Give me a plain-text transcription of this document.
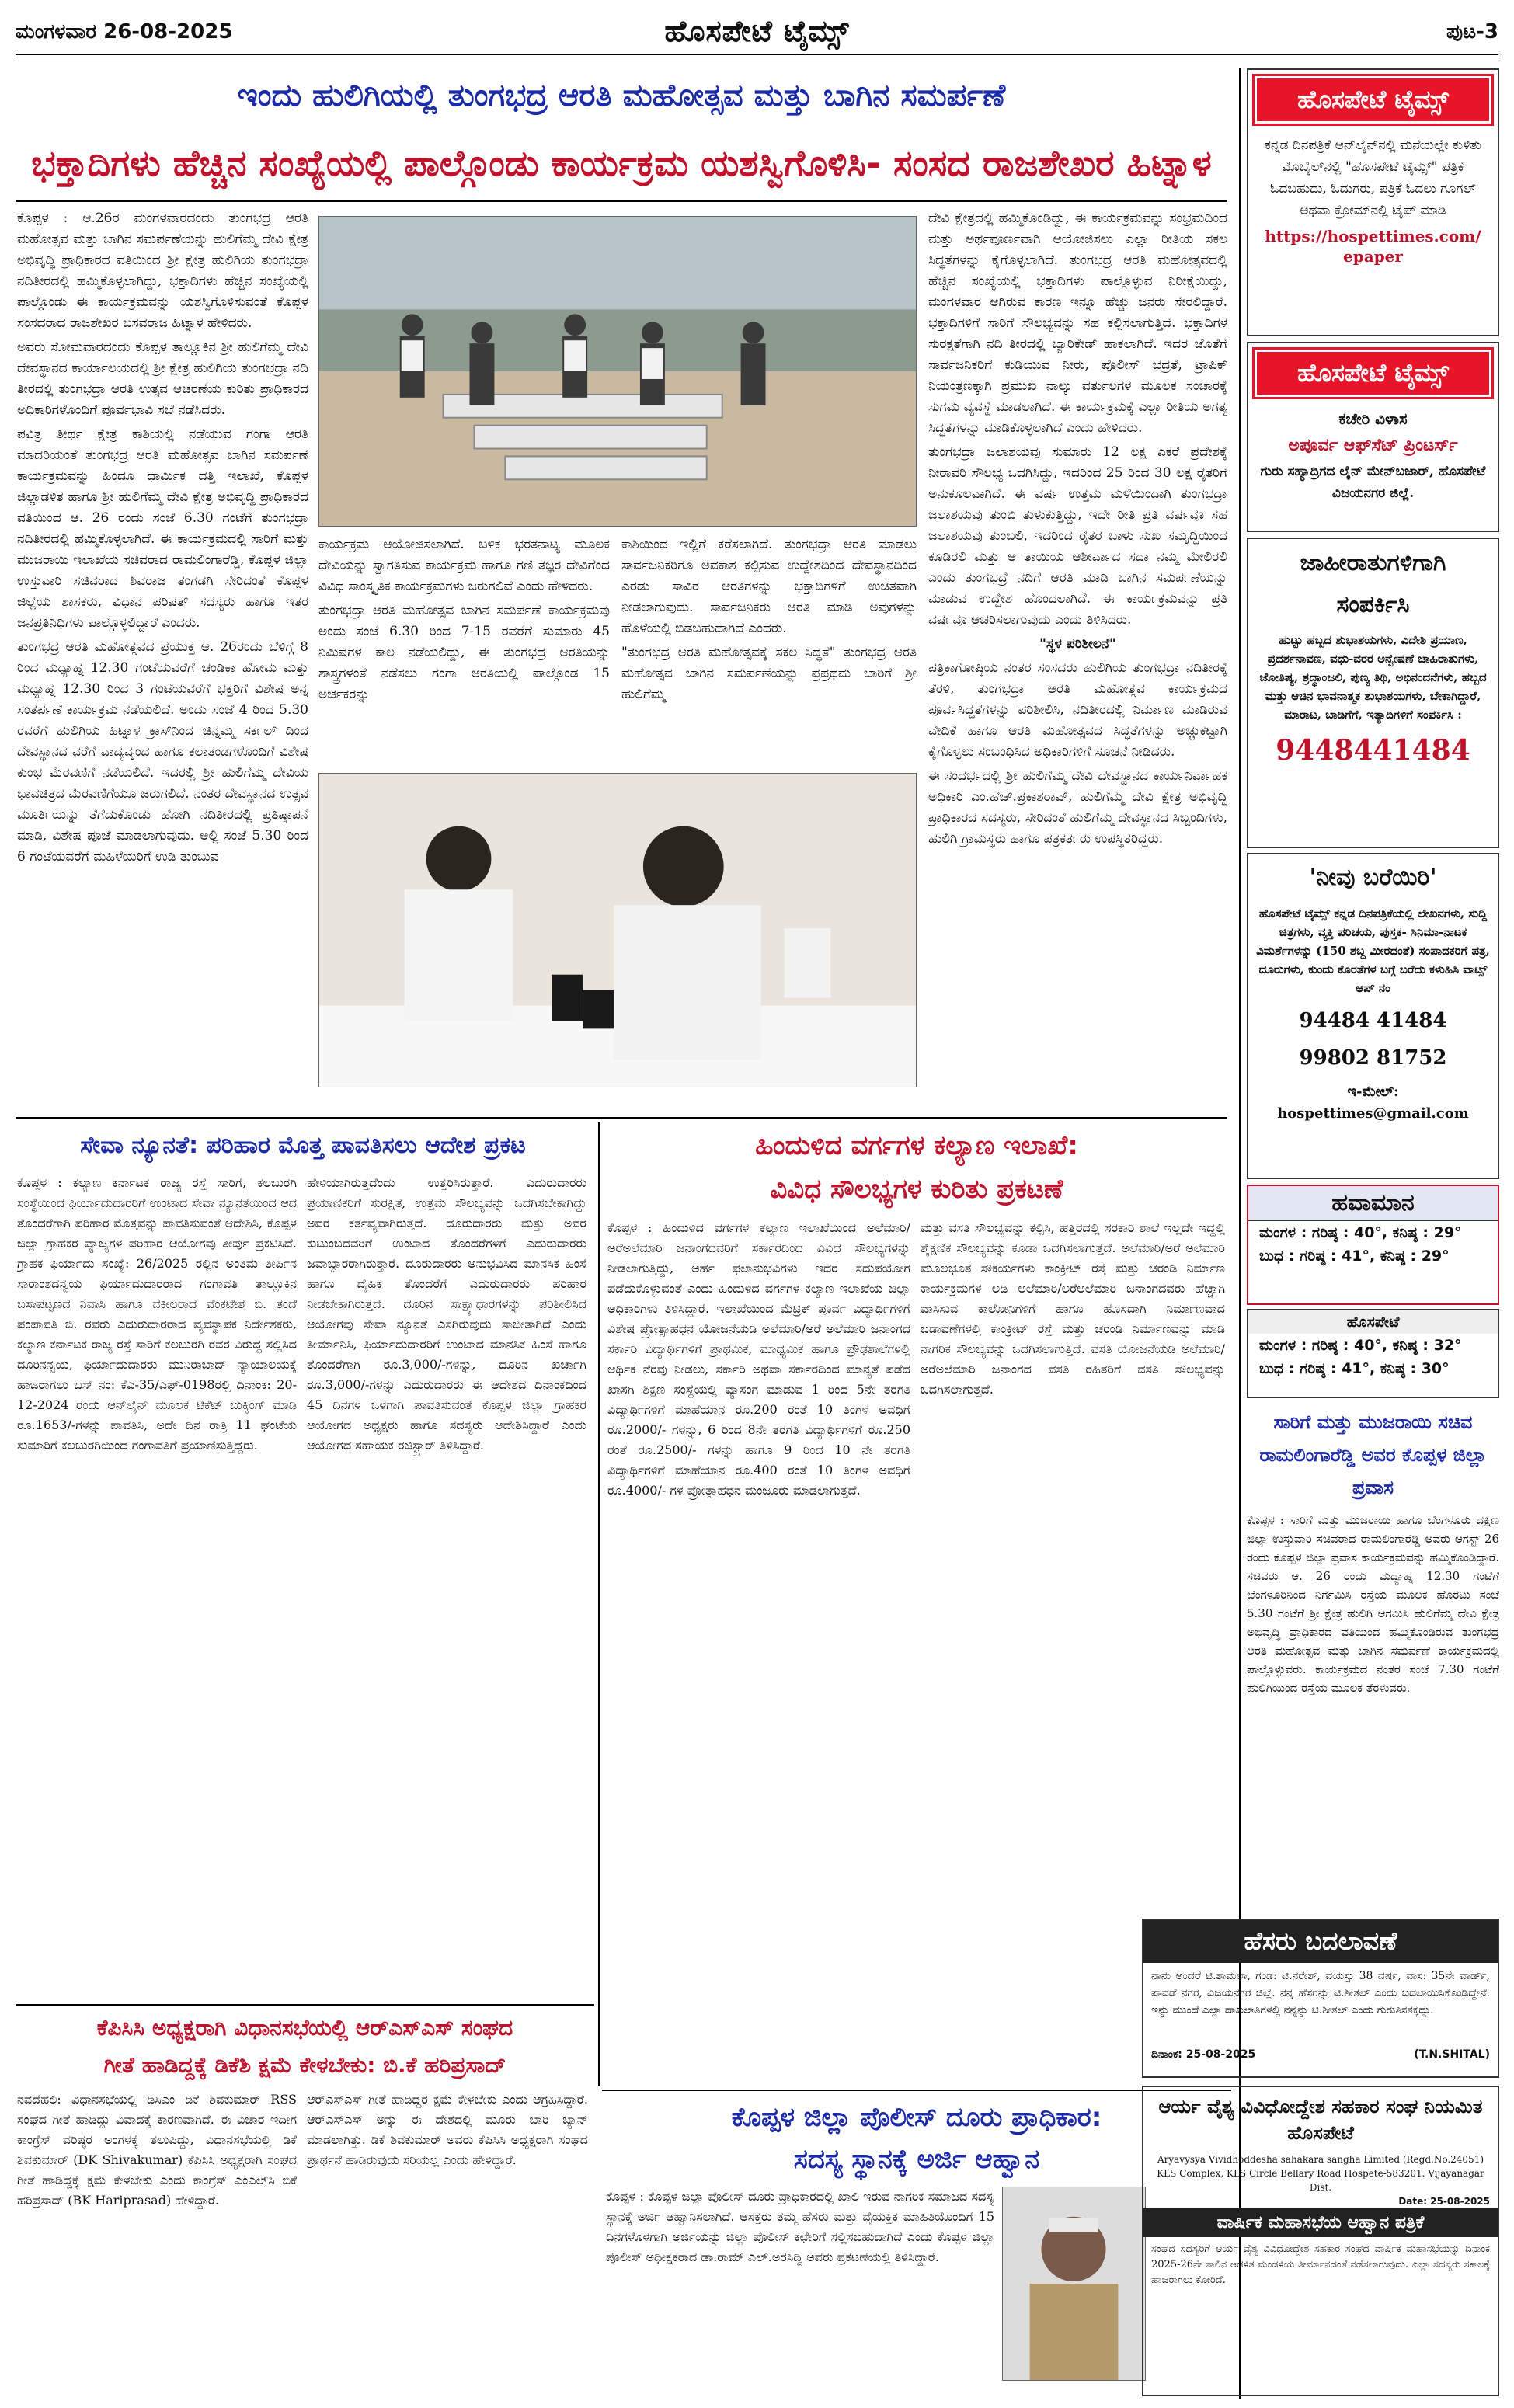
ಮಂಗಳವಾರ 26-08-2025	ಹೊಸಪೇಟೆ ಟೈಮ್ಸ್	ಪುಟ-3
ಇಂದು ಹುಲಿಗಿಯಲ್ಲಿ ತುಂಗಭದ್ರ ಆರತಿ ಮಹೋತ್ಸವ ಮತ್ತು ಬಾಗಿನ ಸಮರ್ಪಣೆ
ಭಕ್ತಾದಿಗಳು ಹೆಚ್ಚಿನ ಸಂಖ್ಯೆಯಲ್ಲಿ ಪಾಲ್ಗೊಂಡು ಕಾರ್ಯಕ್ರಮ ಯಶಸ್ವಿಗೊಳಿಸಿ- ಸಂಸದ ರಾಜಶೇಖರ ಹಿಟ್ನಾಳ

ಕೊಪ್ಪಳ : ಆ.26ರ ಮಂಗಳವಾರದಂದು ತುಂಗಭದ್ರ ಆರತಿ ಮಹೋತ್ಸವ ಮತ್ತು ಬಾಗಿನ ಸಮರ್ಪಣೆಯನ್ನು ಹುಲಿಗೆಮ್ಮ ದೇವಿ ಕ್ಷೇತ್ರ ಅಭಿವೃದ್ಧಿ ಪ್ರಾಧಿಕಾರದ ವತಿಯಿಂದ ಶ್ರೀ ಕ್ಷೇತ್ರ ಹುಲಿಗಿಯ ತುಂಗಭದ್ರಾ ನದಿತೀರದಲ್ಲಿ ಹಮ್ಮಿಕೊಳ್ಳಲಾಗಿದ್ದು, ಭಕ್ತಾದಿಗಳು ಹೆಚ್ಚಿನ ಸಂಖ್ಯೆಯಲ್ಲಿ ಪಾಲ್ಗೊಂಡು ಈ ಕಾರ್ಯಕ್ರಮವನ್ನು ಯಶಸ್ವಿಗೊಳಿಸುವಂತೆ ಕೊಪ್ಪಳ ಸಂಸದರಾದ ರಾಜಶೇಖರ ಬಸವರಾಜ ಹಿಟ್ನಾಳ ಹೇಳಿದರು.

ಅವರು ಸೋಮವಾರದಂದು ಕೊಪ್ಪಳ ತಾಲ್ಲೂಕಿನ ಶ್ರೀ ಹುಲಿಗೆಮ್ಮ ದೇವಿ ದೇವಸ್ಥಾನದ ಕಾರ್ಯಾಲಯದಲ್ಲಿ ಶ್ರೀ ಕ್ಷೇತ್ರ ಹುಲಿಗಿಯ ತುಂಗಭದ್ರಾ ನದಿ ತೀರದಲ್ಲಿ ತುಂಗಭದ್ರಾ ಆರತಿ ಉತ್ಸವ ಆಚರಣೆಯ ಕುರಿತು ಪ್ರಾಧಿಕಾರದ ಅಧಿಕಾರಿಗಳೊಂದಿಗೆ ಪೂರ್ವಭಾವಿ ಸಭೆ ನಡೆಸಿದರು.

ಪವಿತ್ರ ತೀರ್ಥ ಕ್ಷೇತ್ರ ಕಾಶಿಯಲ್ಲಿ ನಡೆಯುವ ಗಂಗಾ ಆರತಿ ಮಾದರಿಯಂತೆ ತುಂಗಭದ್ರ ಆರತಿ ಮಹೋತ್ಸವ ಬಾಗಿನ ಸಮರ್ಪಣೆ ಕಾರ್ಯಕ್ರಮವನ್ನು ಹಿಂದೂ ಧಾರ್ಮಿಕ ದತ್ತಿ ಇಲಾಖೆ, ಕೊಪ್ಪಳ ಜಿಲ್ಲಾಡಳಿತ ಹಾಗೂ ಶ್ರೀ ಹುಲಿಗೆಮ್ಮ ದೇವಿ ಕ್ಷೇತ್ರ ಅಭಿವೃದ್ಧಿ ಪ್ರಾಧಿಕಾರದ ವತಿಯಿಂದ ಆ. 26 ರಂದು ಸಂಜೆ 6.30 ಗಂಟೆಗೆ ತುಂಗಭದ್ರಾ ನದಿತೀರದಲ್ಲಿ ಹಮ್ಮಿಕೊಳ್ಳಲಾಗಿದೆ. ಈ ಕಾರ್ಯಕ್ರಮದಲ್ಲಿ ಸಾರಿಗೆ ಮತ್ತು ಮುಜರಾಯಿ ಇಲಾಖೆಯ ಸಚಿವರಾದ ರಾಮಲಿಂಗಾರೆಡ್ಡಿ, ಕೊಪ್ಪಳ ಜಿಲ್ಲಾ ಉಸ್ತುವಾರಿ ಸಚಿವರಾದ ಶಿವರಾಜ ತಂಗಡಗಿ ಸೇರಿದಂತೆ ಕೊಪ್ಪಳ ಜಿಲ್ಲೆಯ ಶಾಸಕರು, ವಿಧಾನ ಪರಿಷತ್ ಸದಸ್ಯರು ಹಾಗೂ ಇತರ ಜನಪ್ರತಿನಿಧಿಗಳು ಪಾಲ್ಗೊಳ್ಳಲಿದ್ದಾರೆ ಎಂದರು.

ತುಂಗಭದ್ರ ಆರತಿ ಮಹೋತ್ಸವದ ಪ್ರಯುಕ್ತ ಆ. 26ರಂದು ಬೆಳಿಗ್ಗೆ 8 ರಿಂದ ಮಧ್ಯಾಹ್ನ 12.30 ಗಂಟೆಯವರೆಗೆ ಚಂಡಿಕಾ ಹೋಮ ಮತ್ತು ಮಧ್ಯಾಹ್ನ 12.30 ರಿಂದ 3 ಗಂಟೆಯವರೆಗೆ ಭಕ್ತರಿಗೆ ವಿಶೇಷ ಅನ್ನ ಸಂತರ್ಪಣೆ ಕಾರ್ಯಕ್ರಮ ನಡೆಯಲಿದೆ. ಅಂದು ಸಂಜೆ 4 ರಿಂದ 5.30 ರವರೆಗೆ ಹುಲಿಗಿಯ ಹಿಟ್ನಾಳ ಕ್ರಾಸ್‌ನಿಂದ ಚಿನ್ನಮ್ಮ ಸರ್ಕಲ್ ದಿಂದ ದೇವಸ್ಥಾನದ ವರೆಗೆ ವಾದ್ಯವೃಂದ ಹಾಗೂ ಕಲಾತಂಡಗಳೊಂದಿಗೆ ವಿಶೇಷ ಕುಂಭ ಮೆರವಣಿಗೆ ನಡೆಯಲಿದೆ. ಇದರಲ್ಲಿ ಶ್ರೀ ಹುಲಿಗೆಮ್ಮ ದೇವಿಯ ಭಾವಚಿತ್ರದ ಮೆರವಣಿಗೆಯೂ ಜರುಗಲಿದೆ. ನಂತರ ದೇವಸ್ಥಾನದ ಉತ್ಸವ ಮೂರ್ತಿಯನ್ನು ತೆಗೆದುಕೊಂಡು ಹೋಗಿ ನದಿತೀರದಲ್ಲಿ ಪ್ರತಿಷ್ಠಾಪನೆ ಮಾಡಿ, ವಿಶೇಷ ಪೂಜೆ ಮಾಡಲಾಗುವುದು. ಅಲ್ಲಿ ಸಂಜೆ 5.30 ರಿಂದ 6 ಗಂಟೆಯವರೆಗೆ ಮಹಿಳೆಯರಿಗೆ ಉಡಿ ತುಂಬುವ

ಕಾರ್ಯಕ್ರಮ ಆಯೋಜಿಸಲಾಗಿದೆ. ಬಳಿಕ ಭರತನಾಟ್ಯ ಮೂಲಕ ದೇವಿಯನ್ನು ಸ್ವಾಗತಿಸುವ ಕಾರ್ಯಕ್ರಮ ಹಾಗೂ ಗಣಿ ತಜ್ಞರ ದೇವಿಗೆಂದ ವಿವಿಧ ಸಾಂಸ್ಕೃತಿಕ ಕಾರ್ಯಕ್ರಮಗಳು ಜರುಗಲಿವೆ ಎಂದು ಹೇಳಿದರು.

ತುಂಗಭದ್ರಾ ಆರತಿ ಮಹೋತ್ಸವ ಬಾಗಿನ ಸಮರ್ಪಣೆ ಕಾರ್ಯಕ್ರಮವು ಅಂದು ಸಂಜೆ 6.30 ರಿಂದ 7-15 ರವರೆಗೆ ಸುಮಾರು 45 ನಿಮಿಷಗಳ ಕಾಲ ನಡೆಯಲಿದ್ದು, ಈ ತುಂಗಭದ್ರ ಆರತಿಯನ್ನು ಶಾಸ್ತ್ರಗಳಂತೆ ನಡೆಸಲು ಗಂಗಾ ಆರತಿಯಲ್ಲಿ ಪಾಲ್ಗೊಂಡ 15 ಅರ್ಚಕರನ್ನು

ಕಾಶಿಯಿಂದ ಇಲ್ಲಿಗೆ ಕರೆಸಲಾಗಿದೆ. ತುಂಗಭದ್ರಾ ಆರತಿ ಮಾಡಲು ಸಾರ್ವಜನಿಕರಿಗೂ ಅವಕಾಶ ಕಲ್ಪಿಸುವ ಉದ್ದೇಶದಿಂದ ದೇವಸ್ಥಾನದಿಂದ ಎರಡು ಸಾವಿರ ಆರತಿಗಳನ್ನು ಭಕ್ತಾದಿಗಳಿಗೆ ಉಚಿತವಾಗಿ ನೀಡಲಾಗುವುದು. ಸಾರ್ವಜನಿಕರು ಆರತಿ ಮಾಡಿ ಅವುಗಳನ್ನು ಹೊಳೆಯಲ್ಲಿ ಬಿಡಬಹುದಾಗಿದೆ ಎಂದರು.

"ತುಂಗಭದ್ರ ಆರತಿ ಮಹೋತ್ಸವಕ್ಕೆ ಸಕಲ ಸಿದ್ಧತೆ" ತುಂಗಭದ್ರ ಆರತಿ ಮಹೋತ್ಸವ ಬಾಗಿನ ಸಮರ್ಪಣೆಯನ್ನು ಪ್ರಪ್ರಥಮ ಬಾರಿಗೆ ಶ್ರೀ ಹುಲಿಗೆಮ್ಮ

ದೇವಿ ಕ್ಷೇತ್ರದಲ್ಲಿ ಹಮ್ಮಿಕೊಂಡಿದ್ದು, ಈ ಕಾರ್ಯಕ್ರಮವನ್ನು ಸಂಭ್ರಮದಿಂದ ಮತ್ತು ಅರ್ಥಪೂರ್ಣವಾಗಿ ಆಯೋಜಿಸಲು ಎಲ್ಲಾ ರೀತಿಯ ಸಕಲ ಸಿದ್ಧತೆಗಳನ್ನು ಕೈಗೊಳ್ಳಲಾಗಿದೆ. ತುಂಗಭದ್ರ ಆರತಿ ಮಹೋತ್ಸವದಲ್ಲಿ ಹೆಚ್ಚಿನ ಸಂಖ್ಯೆಯಲ್ಲಿ ಭಕ್ತಾದಿಗಳು ಪಾಲ್ಗೊಳ್ಳುವ ನಿರೀಕ್ಷೆಯಿದ್ದು, ಮಂಗಳವಾರ ಆಗಿರುವ ಕಾರಣ ಇನ್ನೂ ಹೆಚ್ಚು ಜನರು ಸೇರಲಿದ್ದಾರೆ. ಭಕ್ತಾದಿಗಳಿಗೆ ಸಾರಿಗೆ ಸೌಲಭ್ಯವನ್ನು ಸಹ ಕಲ್ಪಿಸಲಾಗುತ್ತಿದೆ. ಭಕ್ತಾದಿಗಳ ಸುರಕ್ಷತೆಗಾಗಿ ನದಿ ತೀರದಲ್ಲಿ ಬ್ಯಾರಿಕೇಡ್ ಹಾಕಲಾಗಿದೆ. ಇದರ ಜೊತೆಗೆ ಸಾರ್ವಜನಿಕರಿಗೆ ಕುಡಿಯುವ ನೀರು, ಪೊಲೀಸ್ ಭದ್ರತೆ, ಟ್ರಾಫಿಕ್ ನಿಯಂತ್ರಣಕ್ಕಾಗಿ ಪ್ರಮುಖ ನಾಲ್ಕು ವರ್ತುಲಗಳ ಮೂಲಕ ಸಂಚಾರಕ್ಕೆ ಸುಗಮ ವ್ಯವಸ್ಥೆ ಮಾಡಲಾಗಿದೆ. ಈ ಕಾರ್ಯಕ್ರಮಕ್ಕೆ ಎಲ್ಲಾ ರೀತಿಯ ಅಗತ್ಯ ಸಿದ್ಧತೆಗಳನ್ನು ಮಾಡಿಕೊಳ್ಳಲಾಗಿದೆ ಎಂದು ಹೇಳಿದರು.

ತುಂಗಭದ್ರಾ ಜಲಾಶಯವು ಸುಮಾರು 12 ಲಕ್ಷ ಎಕರೆ ಪ್ರದೇಶಕ್ಕೆ ನೀರಾವರಿ ಸೌಲಭ್ಯ ಒದಗಿಸಿದ್ದು, ಇದರಿಂದ 25 ರಿಂದ 30 ಲಕ್ಷ ರೈತರಿಗೆ ಅನುಕೂಲವಾಗಿದೆ. ಈ ವರ್ಷ ಉತ್ತಮ ಮಳೆಯಿಂದಾಗಿ ತುಂಗಭದ್ರಾ ಜಲಾಶಯವು ತುಂಬಿ ತುಳುಕುತ್ತಿದ್ದು, ಇದೇ ರೀತಿ ಪ್ರತಿ ವರ್ಷವೂ ಸಹ ಜಲಾಶಯವು ತುಂಬಲಿ, ಇದರಿಂದ ರೈತರ ಬಾಳು ಸುಖ ಸಮೃದ್ಧಿಯಿಂದ ಕೂಡಿರಲಿ ಮತ್ತು ಆ ತಾಯಿಯ ಆಶೀರ್ವಾದ ಸದಾ ನಮ್ಮ ಮೇಲಿರಲಿ ಎಂದು ತುಂಗಭದ್ರೆ ನದಿಗೆ ಆರತಿ ಮಾಡಿ ಬಾಗಿನ ಸಮರ್ಪಣೆಯನ್ನು ಮಾಡುವ ಉದ್ದೇಶ ಹೊಂದಲಾಗಿದೆ. ಈ ಕಾರ್ಯಕ್ರಮವನ್ನು ಪ್ರತಿ ವರ್ಷವೂ ಆಚರಿಸಲಾಗುವುದು ಎಂದು ತಿಳಿಸಿದರು.

"ಸ್ಥಳ ಪರಿಶೀಲನೆ"

ಪತ್ರಿಕಾಗೋಷ್ಠಿಯ ನಂತರ ಸಂಸದರು ಹುಲಿಗಿಯ ತುಂಗಭದ್ರಾ ನದಿತೀರಕ್ಕೆ ತೆರಳಿ, ತುಂಗಭದ್ರಾ ಆರತಿ ಮಹೋತ್ಸವ ಕಾರ್ಯಕ್ರಮದ ಪೂರ್ವಸಿದ್ಧತೆಗಳನ್ನು ಪರಿಶೀಲಿಸಿ, ನದಿತೀರದಲ್ಲಿ ನಿರ್ಮಾಣ ಮಾಡಿರುವ ವೇದಿಕೆ ಹಾಗೂ ಆರತಿ ಮಹೋತ್ಸವದ ಸಿದ್ಧತೆಗಳನ್ನು ಅಚ್ಚುಕಟ್ಟಾಗಿ ಕೈಗೊಳ್ಳಲು ಸಂಬಂಧಿಸಿದ ಅಧಿಕಾರಿಗಳಿಗೆ ಸೂಚನೆ ನೀಡಿದರು.

ಈ ಸಂದರ್ಭದಲ್ಲಿ ಶ್ರೀ ಹುಲಿಗೆಮ್ಮ ದೇವಿ ದೇವಸ್ಥಾನದ ಕಾರ್ಯನಿರ್ವಾಹಕ ಅಧಿಕಾರಿ ಎಂ.ಹೆಚ್.ಪ್ರಕಾಶರಾವ್, ಹುಲಿಗೆಮ್ಮ ದೇವಿ ಕ್ಷೇತ್ರ ಅಭಿವೃದ್ಧಿ ಪ್ರಾಧಿಕಾರದ ಸದಸ್ಯರು, ಸೇರಿದಂತೆ ಹುಲಿಗೆಮ್ಮ ದೇವಸ್ಥಾನದ ಸಿಬ್ಬಂದಿಗಳು, ಹುಲಿಗಿ ಗ್ರಾಮಸ್ಥರು ಹಾಗೂ ಪತ್ರಕರ್ತರು ಉಪಸ್ಥಿತರಿದ್ದರು.

ಸೇವಾ ನ್ಯೂನತೆ: ಪರಿಹಾರ ಮೊತ್ತ ಪಾವತಿಸಲು ಆದೇಶ ಪ್ರಕಟ
ಕೊಪ್ಪಳ : ಕಲ್ಯಾಣ ಕರ್ನಾಟಕ ರಾಜ್ಯ ರಸ್ತೆ ಸಾರಿಗೆ, ಕಲಬುರಗಿ ಸಂಸ್ಥೆಯಿಂದ ಫಿರ್ಯಾದುದಾರರಿಗೆ ಉಂಟಾದ ಸೇವಾ ನ್ಯೂನತೆಯಿಂದ ಆದ ತೊಂದರೆಗಾಗಿ ಪರಿಹಾರ ಮೊತ್ತವನ್ನು ಪಾವತಿಸುವಂತೆ ಆದೇಶಿಸಿ, ಕೊಪ್ಪಳ ಜಿಲ್ಲಾ ಗ್ರಾಹಕರ ವ್ಯಾಜ್ಯಗಳ ಪರಿಹಾರ ಆಯೋಗವು ತೀರ್ಪು ಪ್ರಕಟಿಸಿದೆ. ಗ್ರಾಹಕ ಫಿರ್ಯಾದು ಸಂಖ್ಯೆ: 26/2025 ರಲ್ಲಿನ ಅಂತಿಮ ತೀರ್ಪಿನ ಸಾರಾಂಶದನ್ವಯ ಫಿರ್ಯಾದುದಾರರಾದ ಗಂಗಾವತಿ ತಾಲ್ಲೂಕಿನ ಬಸಾಪಟ್ಟಣದ ನಿವಾಸಿ ಹಾಗೂ ವಕೀಲರಾದ ವೆಂಕಟೇಶ ಬಿ. ತಂದೆ ಪಂಪಾಪತಿ ಬಿ. ರವರು ಎದುರುದಾರರಾದ ವ್ಯವಸ್ಥಾಪಕ ನಿರ್ದೇಶಕರು, ಕಲ್ಯಾಣ ಕರ್ನಾಟಕ ರಾಜ್ಯ ರಸ್ತೆ ಸಾರಿಗೆ ಕಲಬುರಗಿ ರವರ ವಿರುದ್ಧ ಸಲ್ಲಿಸಿದ ದೂರಿನನ್ವಯ, ಫಿರ್ಯಾದುದಾರರು ಮುನಿರಾಬಾದ್ ನ್ಯಾಯಾಲಯಕ್ಕೆ ಹಾಜರಾಗಲು ಬಸ್ ನಂ: ಕೆಎ-35/ಎಫ್-0198ರಲ್ಲಿ ದಿನಾಂಕ: 20-12-2024 ರಂದು ಆನ್‌ಲೈನ್ ಮೂಲಕ ಟಿಕೆಟ್ ಬುಕ್ಕಿಂಗ್ ಮಾಡಿ ರೂ.1653/-ಗಳನ್ನು ಪಾವತಿಸಿ, ಅದೇ ದಿನ ರಾತ್ರಿ 11 ಘಂಟೆಯ ಸುಮಾರಿಗೆ ಕಲಬುರಗಿಯಿಂದ ಗಂಗಾವತಿಗೆ ಪ್ರಯಾಣಿಸುತ್ತಿದ್ದರು.
ಹೇಳಿಯಾಗಿರುತ್ತದೆಂದು ಉತ್ತರಿಸಿರುತ್ತಾರೆ. ಎದುರುದಾರರು ಪ್ರಯಾಣಿಕರಿಗೆ ಸುರಕ್ಷಿತ, ಉತ್ತಮ ಸೌಲಭ್ಯವನ್ನು ಒದಗಿಸಬೇಕಾಗಿದ್ದು ಅವರ ಕರ್ತವ್ಯವಾಗಿರುತ್ತದೆ. ದೂರುದಾರರು ಮತ್ತು ಅವರ ಕುಟುಂಬದವರಿಗೆ ಉಂಟಾದ ತೊಂದರೆಗಳಿಗೆ ಎದುರುದಾರರು ಜವಾಬ್ದಾರರಾಗಿರುತ್ತಾರೆ. ದೂರುದಾರರು ಅನುಭವಿಸಿದ ಮಾನಸಿಕ ಹಿಂಸೆ ಹಾಗೂ ದೈಹಿಕ ತೊಂದರೆಗೆ ಎದುರುದಾರರು ಪರಿಹಾರ ನೀಡಬೇಕಾಗಿರುತ್ತದೆ. ದೂರಿನ ಸಾಕ್ಷ್ಯಾಧಾರಗಳನ್ನು ಪರಿಶೀಲಿಸಿದ ಆಯೋಗವು ಸೇವಾ ನ್ಯೂನತೆ ಎಸಗಿರುವುದು ಸಾಬೀತಾಗಿದೆ ಎಂದು ತೀರ್ಮಾನಿಸಿ, ಫಿರ್ಯಾದುದಾರರಿಗೆ ಉಂಟಾದ ಮಾನಸಿಕ ಹಿಂಸೆ ಹಾಗೂ ತೊಂದರೆಗಾಗಿ ರೂ.3,000/-ಗಳನ್ನು, ದೂರಿನ ಖರ್ಚಾಗಿ ರೂ.3,000/-ಗಳನ್ನು ಎದುರುದಾರರು ಈ ಆದೇಶದ ದಿನಾಂಕದಿಂದ 45 ದಿನಗಳ ಒಳಗಾಗಿ ಪಾವತಿಸುವಂತೆ ಕೊಪ್ಪಳ ಜಿಲ್ಲಾ ಗ್ರಾಹಕರ ಆಯೋಗದ ಅಧ್ಯಕ್ಷರು ಹಾಗೂ ಸದಸ್ಯರು ಆದೇಶಿಸಿದ್ದಾರೆ ಎಂದು ಆಯೋಗದ ಸಹಾಯಕ ರಜಿಸ್ಟ್ರಾರ್ ತಿಳಿಸಿದ್ದಾರೆ.
ಹಿಂದುಳಿದ ವರ್ಗಗಳ ಕಲ್ಯಾಣ ಇಲಾಖೆ:
ವಿವಿಧ ಸೌಲಭ್ಯಗಳ ಕುರಿತು ಪ್ರಕಟಣೆ
ಕೊಪ್ಪಳ : ಹಿಂದುಳಿದ ವರ್ಗಗಳ ಕಲ್ಯಾಣ ಇಲಾಖೆಯಿಂದ ಅಲೆಮಾರಿ/ಅರೆಅಲೆಮಾರಿ ಜನಾಂಗದವರಿಗೆ ಸರ್ಕಾರದಿಂದ ವಿವಿಧ ಸೌಲಭ್ಯಗಳನ್ನು ನೀಡಲಾಗುತ್ತಿದ್ದು, ಅರ್ಹ ಫಲಾನುಭವಿಗಳು ಇದರ ಸದುಪಯೋಗ ಪಡೆದುಕೊಳ್ಳುವಂತೆ ಎಂದು ಹಿಂದುಳಿದ ವರ್ಗಗಳ ಕಲ್ಯಾಣ ಇಲಾಖೆಯ ಜಿಲ್ಲಾ ಅಧಿಕಾರಿಗಳು ತಿಳಿಸಿದ್ದಾರೆ. ಇಲಾಖೆಯಿಂದ ಮೆಟ್ರಿಕ್ ಪೂರ್ವ ವಿದ್ಯಾರ್ಥಿಗಳಿಗೆ ವಿಶೇಷ ಪ್ರೋತ್ಸಾಹಧನ ಯೋಜನೆಯಡಿ ಅಲೆಮಾರಿ/ಅರೆ ಅಲೆಮಾರಿ ಜನಾಂಗದ ಸರ್ಕಾರಿ ವಿದ್ಯಾರ್ಥಿಗಳಿಗೆ ಪ್ರಾಥಮಿಕ, ಮಾಧ್ಯಮಿಕ ಹಾಗೂ ಪ್ರೌಢಶಾಲೆಗಳಲ್ಲಿ ಆರ್ಥಿಕ ನೆರವು ನೀಡಲು, ಸರ್ಕಾರಿ ಅಥವಾ ಸರ್ಕಾರದಿಂದ ಮಾನ್ಯತೆ ಪಡೆದ ಖಾಸಗಿ ಶಿಕ್ಷಣ ಸಂಸ್ಥೆಯಲ್ಲಿ ವ್ಯಾಸಂಗ ಮಾಡುವ 1 ರಿಂದ 5ನೇ ತರಗತಿ ವಿದ್ಯಾರ್ಥಿಗಳಿಗೆ ಮಾಹೆಯಾನ ರೂ.200 ರಂತೆ 10 ತಿಂಗಳ ಅವಧಿಗೆ ರೂ.2000/- ಗಳನ್ನು, 6 ರಿಂದ 8ನೇ ತರಗತಿ ವಿದ್ಯಾರ್ಥಿಗಳಿಗೆ ರೂ.250 ರಂತೆ ರೂ.2500/- ಗಳನ್ನು ಹಾಗೂ 9 ರಿಂದ 10 ನೇ ತರಗತಿ ವಿದ್ಯಾರ್ಥಿಗಳಿಗೆ ಮಾಹೆಯಾನ ರೂ.400 ರಂತೆ 10 ತಿಂಗಳ ಅವಧಿಗೆ ರೂ.4000/- ಗಳ ಪ್ರೋತ್ಸಾಹಧನ ಮಂಜೂರು ಮಾಡಲಾಗುತ್ತದೆ.
ಮತ್ತು ವಸತಿ ಸೌಲಭ್ಯವನ್ನು ಕಲ್ಪಿಸಿ, ಹತ್ತಿರದಲ್ಲಿ ಸರಕಾರಿ ಶಾಲೆ ಇಲ್ಲದೇ ಇದ್ದಲ್ಲಿ ಶೈಕ್ಷಣಿಕ ಸೌಲಭ್ಯವನ್ನು ಕೂಡಾ ಒದಗಿಸಲಾಗುತ್ತದೆ. ಅಲೆಮಾರಿ/ಅರೆ ಅಲೆಮಾರಿ ಮೂಲಭೂತ ಸೌಕರ್ಯಗಳು ಕಾಂಕ್ರೀಟ್ ರಸ್ತೆ ಮತ್ತು ಚರಂಡಿ ನಿರ್ಮಾಣ ಕಾರ್ಯಕ್ರಮಗಳ ಅಡಿ ಅಲೆಮಾರಿ/ಅರೆಅಲೆಮಾರಿ ಜನಾಂಗದವರು ಹೆಚ್ಚಾಗಿ ವಾಸಿಸುವ ಕಾಲೋನಿಗಳಿಗೆ ಹಾಗೂ ಹೊಸದಾಗಿ ನಿರ್ಮಾಣವಾದ ಬಡಾವಣೆಗಳಲ್ಲಿ ಕಾಂಕ್ರೀಟ್ ರಸ್ತೆ ಮತ್ತು ಚರಂಡಿ ನಿರ್ಮಾಣವನ್ನು ಮಾಡಿ ನಾಗರಿಕ ಸೌಲಭ್ಯವನ್ನು ಒದಗಿಸಲಾಗುತ್ತಿದೆ. ವಸತಿ ಯೋಜನೆಯಡಿ ಅಲೆಮಾರಿ/ಅರೆಅಲೆಮಾರಿ ಜನಾಂಗದ ವಸತಿ ರಹಿತರಿಗೆ ವಸತಿ ಸೌಲಭ್ಯವನ್ನು ಒದಗಿಸಲಾಗುತ್ತದೆ.
ಕೆಪಿಸಿಸಿ ಅಧ್ಯಕ್ಷರಾಗಿ ವಿಧಾನಸಭೆಯಲ್ಲಿ ಆರ್‌ಎಸ್‌ಎಸ್ ಸಂಘದ
ಗೀತೆ ಹಾಡಿದ್ದಕ್ಕೆ ಡಿಕೆಶಿ ಕ್ಷಮೆ ಕೇಳಬೇಕು: ಬಿ.ಕೆ ಹರಿಪ್ರಸಾದ್
ನವದೆಹಲಿ: ವಿಧಾನಸಭೆಯಲ್ಲಿ ಡಿಸಿಎಂ ಡಿಕೆ ಶಿವಕುಮಾರ್ RSS ಸಂಘದ ಗೀತೆ ಹಾಡಿದ್ದು ವಿವಾದಕ್ಕೆ ಕಾರಣವಾಗಿದೆ. ಈ ವಿಚಾರ ಇದೀಗ ಕಾಂಗ್ರೆಸ್ ವರಿಷ್ಠರ ಅಂಗಳಕ್ಕೆ ತಲುಪಿದ್ದು, ವಿಧಾನಸಭೆಯಲ್ಲಿ ಡಿಕೆ ಶಿವಕುಮಾರ್ (DK Shivakumar) ಕೆಪಿಸಿಸಿ ಅಧ್ಯಕ್ಷರಾಗಿ ಸಂಘದ ಗೀತೆ ಹಾಡಿದ್ದಕ್ಕೆ ಕ್ಷಮೆ ಕೇಳಬೇಕು ಎಂದು ಕಾಂಗ್ರೆಸ್ ಎಂಎಲ್‌ಸಿ ಬಿಕೆ ಹರಿಪ್ರಸಾದ್ (BK Hariprasad) ಹೇಳಿದ್ದಾರೆ.
ಆರ್‌ಎಸ್‌ಎಸ್ ಗೀತೆ ಹಾಡಿದ್ದರ ಕ್ಷಮೆ ಕೇಳಬೇಕು ಎಂದು ಆಗ್ರಹಿಸಿದ್ದಾರೆ. ಆರ್‌ಎಸ್‌ಎಸ್ ಅನ್ನು ಈ ದೇಶದಲ್ಲಿ ಮೂರು ಬಾರಿ ಬ್ಯಾನ್ ಮಾಡಲಾಗಿತ್ತು. ಡಿಕೆ ಶಿವಕುಮಾರ್ ಅವರು ಕೆಪಿಸಿಸಿ ಅಧ್ಯಕ್ಷರಾಗಿ ಸಂಘದ ಪ್ರಾರ್ಥನೆ ಹಾಡಿರುವುದು ಸರಿಯಲ್ಲ ಎಂದು ಹೇಳಿದ್ದಾರೆ.
ಕೊಪ್ಪಳ ಜಿಲ್ಲಾ ಪೊಲೀಸ್ ದೂರು ಪ್ರಾಧಿಕಾರ:
ಸದಸ್ಯ ಸ್ಥಾನಕ್ಕೆ ಅರ್ಜಿ ಆಹ್ವಾನ
ಕೊಪ್ಪಳ : ಕೊಪ್ಪಳ ಜಿಲ್ಲಾ ಪೊಲೀಸ್ ದೂರು ಪ್ರಾಧಿಕಾರದಲ್ಲಿ ಖಾಲಿ ಇರುವ ನಾಗರಿಕ ಸಮಾಜದ ಸದಸ್ಯ ಸ್ಥಾನಕ್ಕೆ ಅರ್ಜಿ ಆಹ್ವಾನಿಸಲಾಗಿದೆ. ಆಸಕ್ತರು ತಮ್ಮ ಹೆಸರು ಮತ್ತು ವೈಯಕ್ತಿಕ ಮಾಹಿತಿಯೊಂದಿಗೆ 15 ದಿನಗಳೊಳಗಾಗಿ ಅರ್ಜಿಯನ್ನು ಜಿಲ್ಲಾ ಪೊಲೀಸ್ ಕಛೇರಿಗೆ ಸಲ್ಲಿಸಬಹುದಾಗಿದೆ ಎಂದು ಕೊಪ್ಪಳ ಜಿಲ್ಲಾ ಪೊಲೀಸ್ ಅಧೀಕ್ಷಕರಾದ ಡಾ.ರಾಮ್ ಎಲ್.ಅರಸಿದ್ದಿ ಅವರು ಪ್ರಕಟಣೆಯಲ್ಲಿ ತಿಳಿಸಿದ್ದಾರೆ.
ಹೊಸಪೇಟೆ ಟೈಮ್ಸ್
ಕನ್ನಡ ದಿನಪತ್ರಿಕೆ ಆನ್‌ಲೈನ್‌ನಲ್ಲಿ ಮನೆಯಲ್ಲೇ ಕುಳಿತು ಮೊಬೈಲ್‌ನಲ್ಲಿ "ಹೊಸಪೇಟೆ ಟೈಮ್ಸ್" ಪತ್ರಿಕೆ ಓದಬಹುದು, ಓದುಗರು, ಪತ್ರಿಕೆ ಓದಲು ಗೂಗಲ್ ಅಥವಾ ಕ್ರೋಮ್‌ನಲ್ಲಿ ಟೈಪ್ ಮಾಡಿ
https://hospettimes.com/
epaper
ಹೊಸಪೇಟೆ ಟೈಮ್ಸ್
ಕಚೇರಿ ವಿಳಾಸ
ಅಪೂರ್ವ ಆಫ್‌ಸೆಟ್ ಪ್ರಿಂಟರ್ಸ್
ಗುರು ಸಹ್ಯಾದ್ರಿಗದ ಲೈನ್ ಮೇನ್‌ಬಜಾರ್, ಹೊಸಪೇಟೆ ವಿಜಯನಗರ ಜಿಲ್ಲೆ.
ಜಾಹೀರಾತುಗಳಿಗಾಗಿ
ಸಂಪರ್ಕಿಸಿ
ಹುಟ್ಟು ಹಬ್ಬದ ಶುಭಾಶಯಗಳು, ವಿದೇಶಿ ಪ್ರಯಾಣ, ಪ್ರದರ್ಶನಾವಣ, ವಧು-ವರರ ಅನ್ವೇಷಣೆ ಜಾಹಿರಾತುಗಳು, ಜೋತಿಷ್ಯ, ಶ್ರದ್ಧಾಂಜಲಿ, ಪುಣ್ಯ ತಿಥಿ, ಅಭಿನಂದನೆಗಳು, ಹಬ್ಬದ ಮತ್ತು ಆಚಿನ ಭಾವನಾತ್ಮಕ ಶುಭಾಶಯಗಳು, ಬೇಕಾಗಿದ್ದಾರೆ, ಮಾರಾಟ, ಬಾಡಿಗೆಗೆ, ಇತ್ಯಾದಿಗಳಿಗೆ ಸಂಪರ್ಕಿಸಿ :
9448441484
'ನೀವು ಬರೆಯಿರಿ'
ಹೊಸಪೇಟೆ ಟೈಮ್ಸ್ ಕನ್ನಡ ದಿನಪತ್ರಿಕೆಯಲ್ಲಿ ಲೇಖನಗಳು, ಸುದ್ದಿ ಚಿತ್ರಗಳು, ವ್ಯಕ್ತಿ ಪರಿಚಯ, ಪುಸ್ತಕ- ಸಿನಿಮಾ-ನಾಟಕ ವಿಮರ್ಶೆಗಳನ್ನು (150 ಶಬ್ದ ಮೀರದಂತೆ) ಸಂಪಾದಕರಿಗೆ ಪತ್ರ, ದೂರುಗಳು, ಕುಂದು ಕೊರತೆಗಳ ಬಗ್ಗೆ ಬರೆದು ಕಳುಹಿಸಿ ವಾಟ್ಸ್ ಆಪ್ ನಂ
94484 41484
99802 81752
ಇ-ಮೇಲ್: hospettimes@gmail.com
ಹವಾಮಾನ
ಮಂಗಳ : ಗರಿಷ್ಠ : 40°, ಕನಿಷ್ಠ : 29°
ಬುಧ : ಗರಿಷ್ಠ : 41°, ಕನಿಷ್ಠ : 29°
ಹೊಸಪೇಟೆ
ಮಂಗಳ : ಗರಿಷ್ಠ : 40°, ಕನಿಷ್ಠ : 32°
ಬುಧ : ಗರಿಷ್ಠ : 41°, ಕನಿಷ್ಠ : 30°
ಸಾರಿಗೆ ಮತ್ತು ಮುಜರಾಯಿ ಸಚಿವ ರಾಮಲಿಂಗಾರೆಡ್ಡಿ ಅವರ ಕೊಪ್ಪಳ ಜಿಲ್ಲಾ ಪ್ರವಾಸ
ಕೊಪ್ಪಳ : ಸಾರಿಗೆ ಮತ್ತು ಮುಜರಾಯಿ ಹಾಗೂ ಬೆಂಗಳೂರು ದಕ್ಷಿಣ ಜಿಲ್ಲಾ ಉಸ್ತುವಾರಿ ಸಚಿವರಾದ ರಾಮಲಿಂಗಾರೆಡ್ಡಿ ಅವರು ಆಗಸ್ಟ್ 26 ರಂದು ಕೊಪ್ಪಳ ಜಿಲ್ಲಾ ಪ್ರವಾಸ ಕಾರ್ಯಕ್ರಮವನ್ನು ಹಮ್ಮಿಕೊಂಡಿದ್ದಾರೆ. ಸಚಿವರು ಆ. 26 ರಂದು ಮಧ್ಯಾಹ್ನ 12.30 ಗಂಟೆಗೆ ಬೆಂಗಳೂರಿನಿಂದ ನಿರ್ಗಮಿಸಿ ರಸ್ತೆಯ ಮೂಲಕ ಹೊರಟು ಸಂಜೆ 5.30 ಗಂಟೆಗೆ ಶ್ರೀ ಕ್ಷೇತ್ರ ಹುಲಿಗಿ ಆಗಮಿಸಿ ಹುಲಿಗೆಮ್ಮ ದೇವಿ ಕ್ಷೇತ್ರ ಅಭಿವೃದ್ಧಿ ಪ್ರಾಧಿಕಾರದ ವತಿಯಿಂದ ಹಮ್ಮಿಕೊಂಡಿರುವ ತುಂಗಭದ್ರ ಆರತಿ ಮಹೋತ್ಸವ ಮತ್ತು ಬಾಗಿನ ಸಮರ್ಪಣೆ ಕಾರ್ಯಕ್ರಮದಲ್ಲಿ ಪಾಲ್ಗೊಳ್ಳುವರು. ಕಾರ್ಯಕ್ರಮದ ನಂತರ ಸಂಜೆ 7.30 ಗಂಟೆಗೆ ಹುಲಿಗಿಯಿಂದ ರಸ್ತೆಯ ಮೂಲಕ ತೆರಳುವರು.
ಹೆಸರು ಬದಲಾವಣೆ
ನಾನು ಅಂದರೆ ಟಿ.ಶಾಮಲಾ, ಗಂಡ: ಟಿ.ನರೇಶ್, ವಯಸ್ಸು 38 ವರ್ಷ, ವಾಸ: 35ನೇ ವಾರ್ಡ್, ಪಾವಡೆ ನಗರ, ವಿಜಯನಗರ ಜಿಲ್ಲೆ. ನನ್ನ ಹೆಸರನ್ನು ಟಿ.ಶೀತಲ್ ಎಂದು ಬದಲಾಯಿಸಿಕೊಂಡಿದ್ದೇನೆ. ಇನ್ನು ಮುಂದೆ ಎಲ್ಲಾ ದಾಖಲಾತಿಗಳಲ್ಲಿ ನನ್ನನ್ನು ಟಿ.ಶೀತಲ್ ಎಂದು ಗುರುತಿಸತಕ್ಕದ್ದು.
ದಿನಾಂಕ: 25-08-2025	(T.N.SHITAL)
ಆರ್ಯ ವೈಶ್ಯ ವಿವಿಧೋದ್ದೇಶ ಸಹಕಾರ ಸಂಘ ನಿಯಮಿತ ಹೊಸಪೇಟೆ
Aryavysya Vividhoddesha sahakara sangha Limited (Regd.No.24051) KLS Complex, KLS Circle Bellary Road Hospete-583201. Vijayanagar Dist.
Date: 25-08-2025
ವಾರ್ಷಿಕ ಮಹಾಸಭೆಯ ಆಹ್ವಾನ ಪತ್ರಿಕೆ
ಸಂಘದ ಸದಸ್ಯರಿಗೆ ಆರ್ಯ ವೈಶ್ಯ ವಿವಿಧೋದ್ದೇಶ ಸಹಕಾರ ಸಂಘದ ವಾರ್ಷಿಕ ಮಹಾಸಭೆಯನ್ನು ದಿನಾಂಕ 2025-26ನೇ ಸಾಲಿನ ಆಡಳಿತ ಮಂಡಳಿಯ ತೀರ್ಮಾನದಂತೆ ನಡೆಸಲಾಗುವುದು. ಎಲ್ಲಾ ಸದಸ್ಯರು ಸಕಾಲಕ್ಕೆ ಹಾಜರಾಗಲು ಕೋರಿದೆ.
